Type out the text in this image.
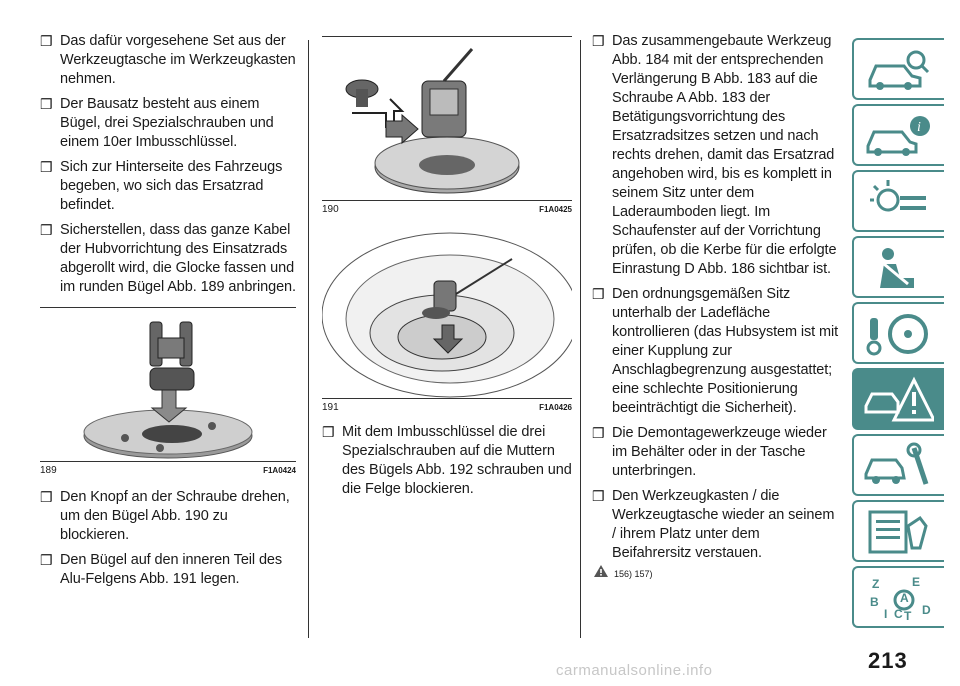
❒ Das dafür vorgesehene Set aus der Werkzeugtasche im Werkzeugkasten nehmen.

❒ Der Bausatz besteht aus einem Bügel, drei Spezialschrauben und einem 10er Imbusschlüssel.

❒ Sich zur Hinterseite des Fahrzeugs begeben, wo sich das Ersatzrad befindet.

❒ Sicherstellen, dass das ganze Kabel der Hubvorrichtung des Einsatzrads abgerollt wird, die Glocke fassen und im runden Bügel Abb. 189 anbringen.

189	F1A0424

❒ Den Knopf an der Schraube drehen, um den Bügel Abb. 190 zu blockieren.

❒ Den Bügel auf den inneren Teil des Alu-Felgens Abb. 191 legen.

190	F1A0425
191	F1A0426

❒ Mit dem Imbusschlüssel die drei Spezialschrauben auf die Muttern des Bügels Abb. 192 schrauben und die Felge blockieren.

❒ Das zusammengebaute Werkzeug Abb. 184 mit der entsprechenden Verlängerung B Abb. 183 auf die Schraube A Abb. 183 der Betätigungsvorrichtung des Ersatzradsitzes setzen und nach rechts drehen, damit das Ersatzrad angehoben wird, bis es komplett in seinem Sitz unter dem Laderaumboden liegt. Im Schaufenster auf der Vorrichtung prüfen, ob die Kerbe für die erfolgte Einrastung D Abb. 186 sichtbar ist.

❒ Den ordnungsgemäßen Sitz unterhalb der Ladefläche kontrollieren (das Hubsystem ist mit einer Kupplung zur Anschlagbegrenzung ausgestattet; eine schlechte Positionierung beeinträchtigt die Sicherheit).

❒ Die Demontagewerkzeuge wieder im Behälter oder in der Tasche unterbringen.

❒ Den Werkzeugkasten / die Werkzeugtasche wieder an seinem / ihrem Platz unter dem Beifahrersitz verstauen.

156) 157)
i
Z	E
A
B
I C T D
213
carmanualsonline.info
